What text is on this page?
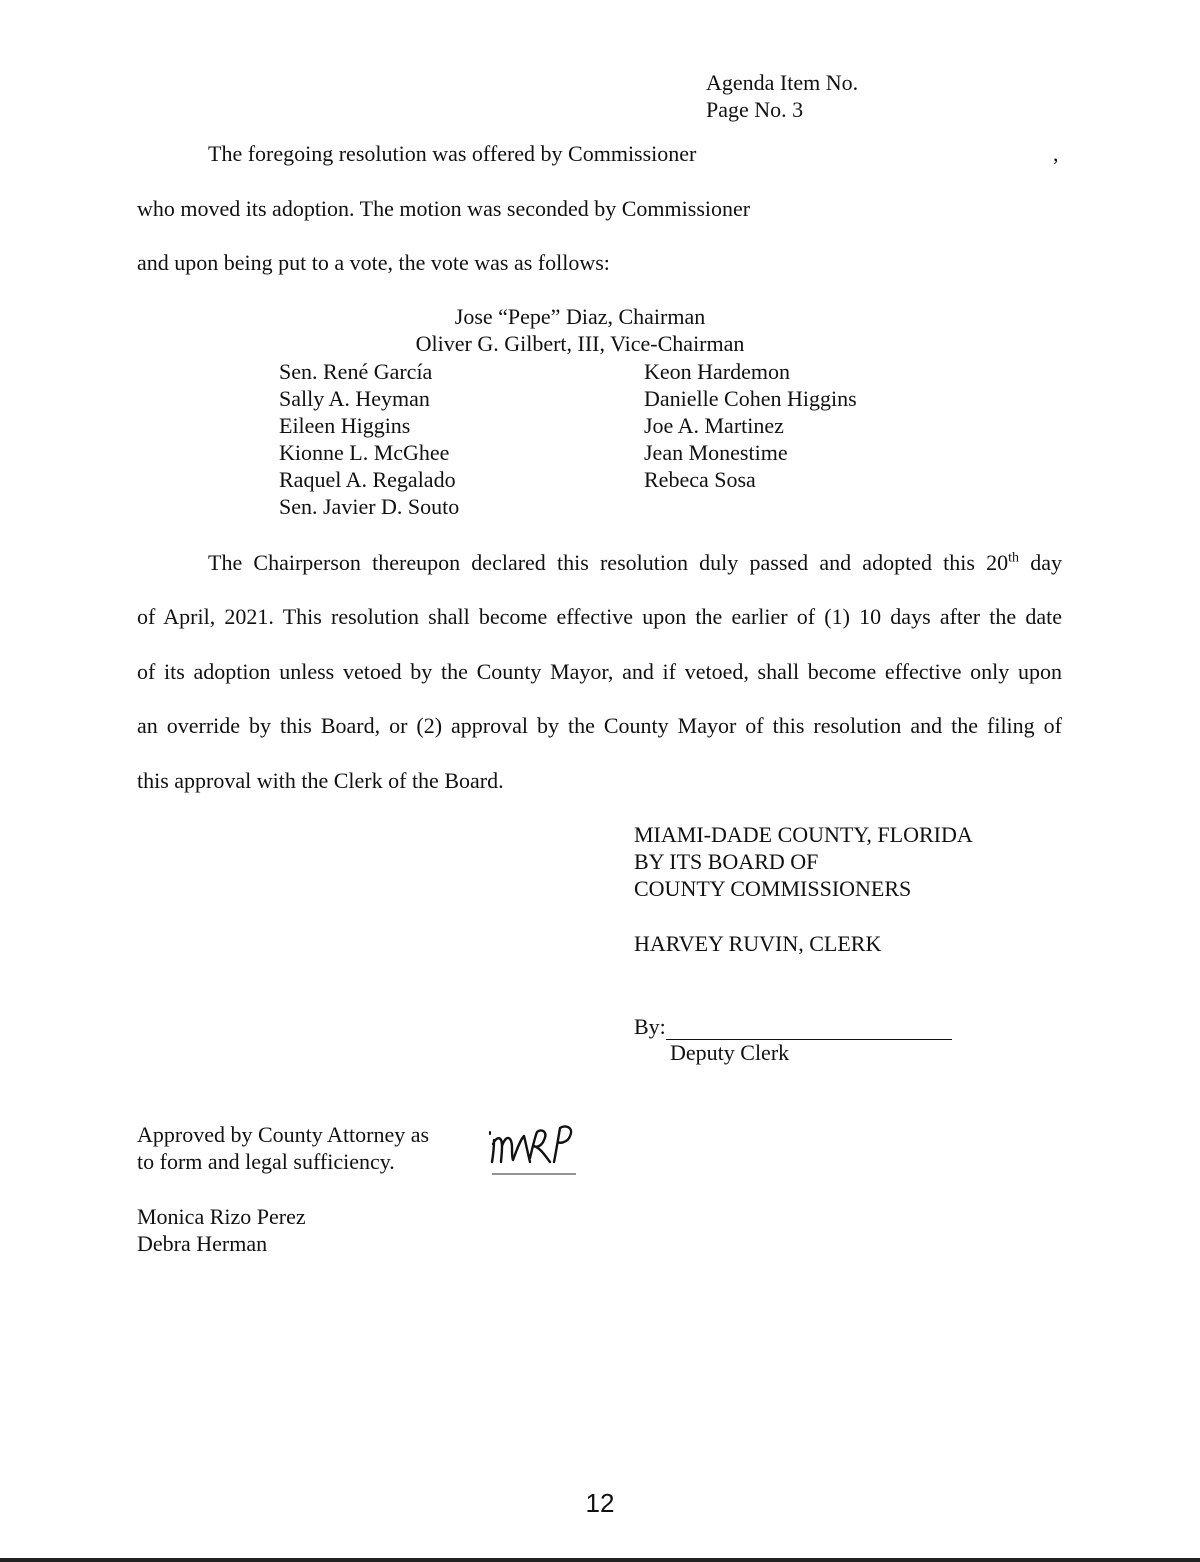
Agenda Item No.
Page No. 3
The foregoing resolution was offered by Commissioner	,
who moved its adoption. The motion was seconded by Commissioner
and upon being put to a vote, the vote was as follows:
Jose “Pepe” Diaz, Chairman
Oliver G. Gilbert, III, Vice-Chairman
Sen. René García
Sally A. Heyman
Eileen Higgins
Kionne L. McGhee
Raquel A. Regalado
Sen. Javier D. Souto
Keon Hardemon
Danielle Cohen Higgins
Joe A. Martinez
Jean Monestime
Rebeca Sosa
The Chairperson thereupon declared this resolution duly passed and adopted this 20th day
of April, 2021. This resolution shall become effective upon the earlier of (1) 10 days after the date
of its adoption unless vetoed by the County Mayor, and if vetoed, shall become effective only upon
an override by this Board, or (2) approval by the County Mayor of this resolution and the filing of
this approval with the Clerk of the Board.
MIAMI-DADE COUNTY, FLORIDA
BY ITS BOARD OF
COUNTY COMMISSIONERS
HARVEY RUVIN, CLERK
By:
Deputy Clerk
Approved by County Attorney as
to form and legal sufficiency.
Monica Rizo Perez
Debra Herman
12
